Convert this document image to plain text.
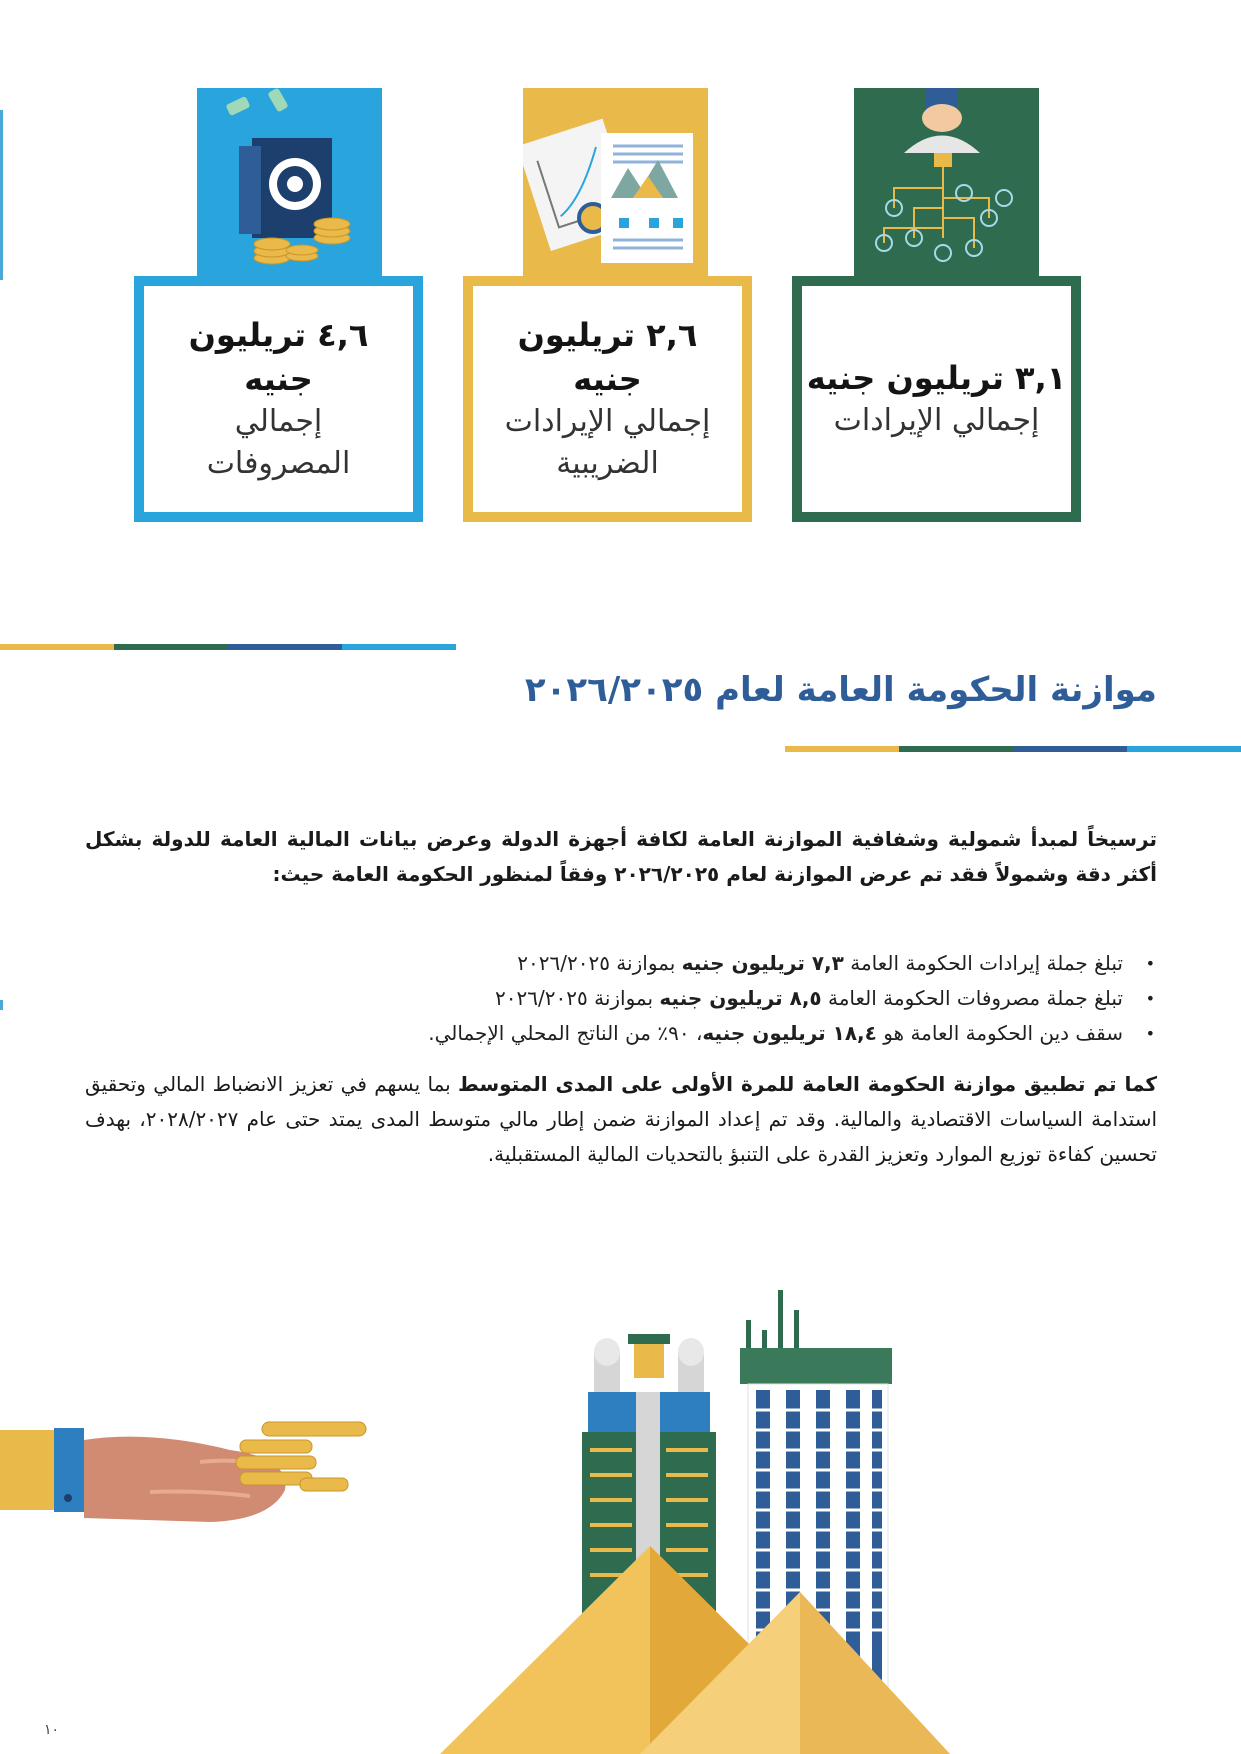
٣,١ تريليون جنيه
إجمالي الإيرادات
٢,٦ تريليون جنيه
إجمالي الإيرادات الضريبية
٤,٦ تريليون جنيه
إجمالي المصروفات
موازنة الحكومة العامة لعام ٢٠٢٦/٢٠٢٥
ترسيخاً لمبدأ شمولية وشفافية الموازنة العامة لكافة أجهزة الدولة وعرض بيانات المالية العامة للدولة بشكل أكثر دقة وشمولاً فقد تم عرض الموازنة لعام ٢٠٢٦/٢٠٢٥ وفقاً لمنظور الحكومة العامة حيث:
• تبلغ جملة إيرادات الحكومة العامة ٧,٣ تريليون جنيه بموازنة ٢٠٢٦/٢٠٢٥
• تبلغ جملة مصروفات الحكومة العامة ٨,٥ تريليون جنيه بموازنة ٢٠٢٦/٢٠٢٥
• سقف دين الحكومة العامة هو ١٨,٤ تريليون جنيه، ٩٠٪ من الناتج المحلي الإجمالي.
كما تم تطبيق موازنة الحكومة العامة للمرة الأولى على المدى المتوسط بما يسهم في تعزيز الانضباط المالي وتحقيق استدامة السياسات الاقتصادية والمالية. وقد تم إعداد الموازنة ضمن إطار مالي متوسط المدى يمتد حتى عام ٢٠٢٨/٢٠٢٧، بهدف تحسين كفاءة توزيع الموارد وتعزيز القدرة على التنبؤ بالتحديات المالية المستقبلية.
١٠
